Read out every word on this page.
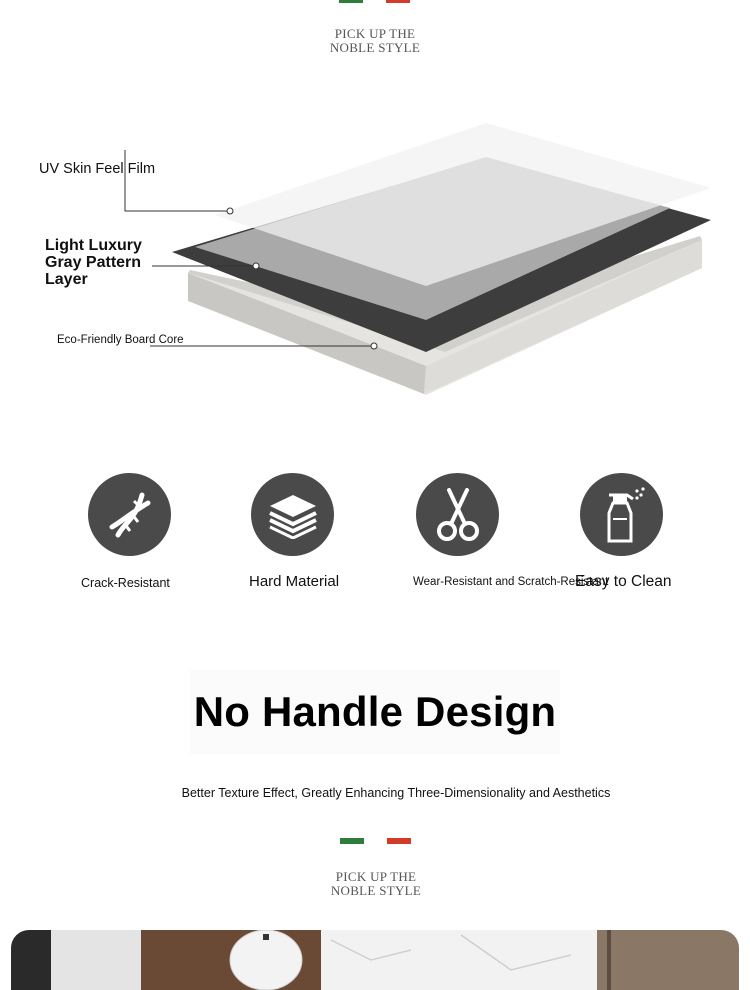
PICK UP THE
NOBLE STYLE
UV Skin Feel Film
Light Luxury Gray Pattern Layer
Eco-Friendly Board Core
Crack-Resistant	Hard Material	Wear-Resistant and Scratch-Resistant
Easy to Clean
No Handle Design
Better Texture Effect, Greatly Enhancing Three-Dimensionality and Aesthetics
PICK UP THE
NOBLE STYLE
